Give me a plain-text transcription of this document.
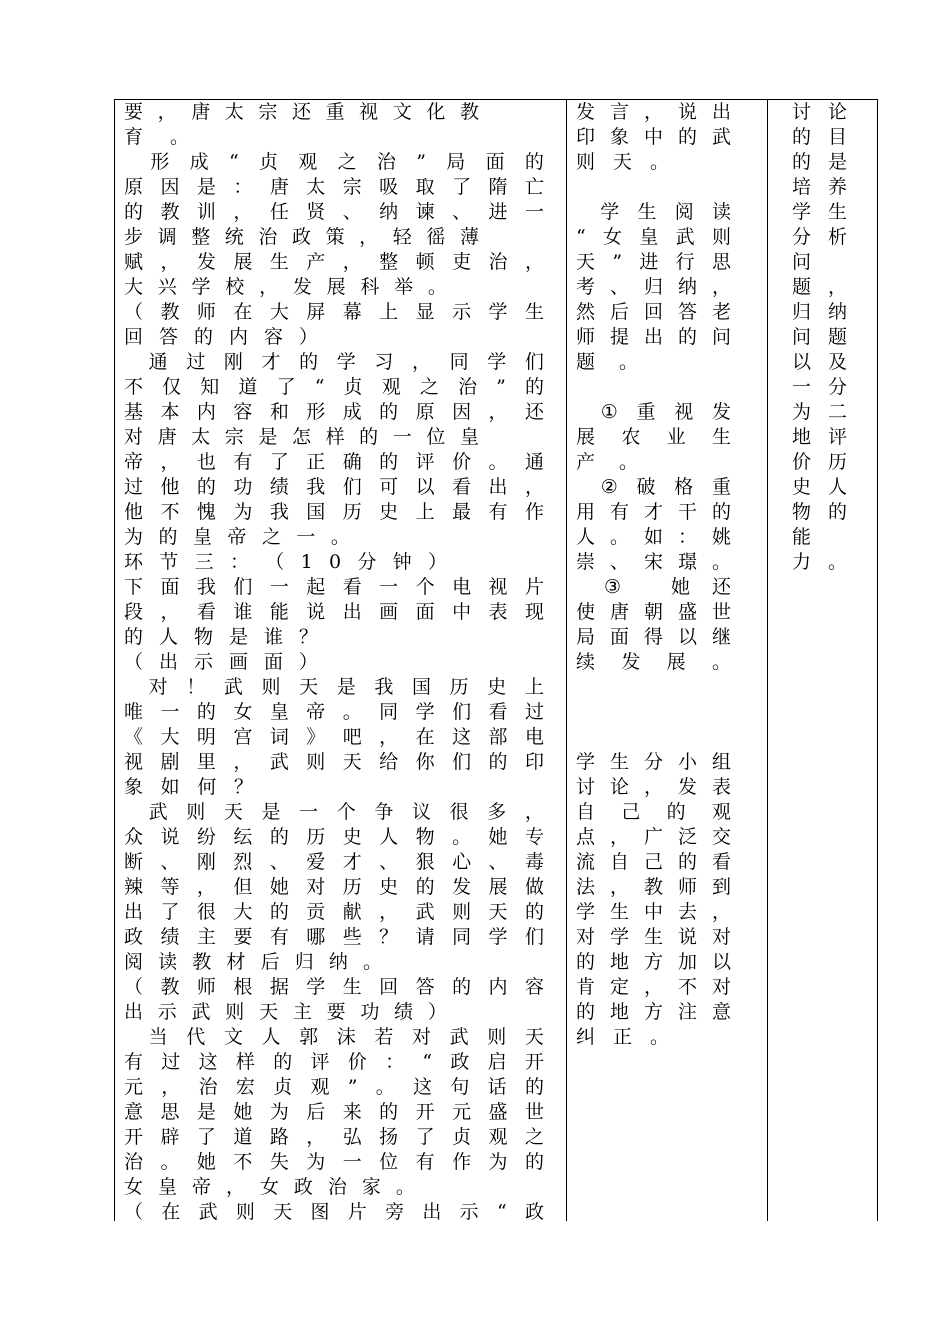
要 ， 唐 太 宗 还 重 视 文 化 教
育 。

形 成 “ 贞 观 之 治 ” 局 面 的
原 因 是 ： 唐 太 宗 吸 取 了 隋 亡
的 教 训 ， 任 贤 、 纳 谏 、 进 一
步 调 整 统 治 政 策 ， 轻 徭 薄
赋 ， 发 展 生 产 ， 整 顿 吏 治 ，
大 兴 学 校 ， 发 展 科 举 。
（ 教 师 在 大 屏 幕 上 显 示 学 生
回 答 的 内 容 ）

通 过 刚 才 的 学 习 ， 同 学 们
不 仅 知 道 了 “ 贞 观 之 治 ” 的
基 本 内 容 和 形 成 的 原 因 ， 还
对 唐 太 宗 是 怎 样 的 一 位 皇
帝 ， 也 有 了 正 确 的 评 价 。 通
过 他 的 功 绩 我 们 可 以 看 出 ，
他 不 愧 为 我 国 历 史 上 最 有 作
为 的 皇 帝 之 一 。
环 节 三 ： （ 1 0 分 钟 ）
下 面 我 们 一 起 看 一 个 电 视 片
段 ， 看 谁 能 说 出 画 面 中 表 现
的 人 物 是 谁 ？
（ 出 示 画 面 ）

对 ！ 武 则 天 是 我 国 历 史 上
唯 一 的 女 皇 帝 。 同 学 们 看 过
《 大 明 宫 词 》 吧 ， 在 这 部 电
视 剧 里 ， 武 则 天 给 你 们 的 印
象 如 何 ？

武 则 天 是 一 个 争 议 很 多 ，
众 说 纷 纭 的 历 史 人 物 。 她 专
断 、 刚 烈 、 爱 才 、 狠 心 、 毒
辣 等 ， 但 她 对 历 史 的 发 展 做
出 了 很 大 的 贡 献 ， 武 则 天 的
政 绩 主 要 有 哪 些 ？ 请 同 学 们
阅 读 教 材 后 归 纳 。
（ 教 师 根 据 学 生 回 答 的 内 容
出 示 武 则 天 主 要 功 绩 ）

当 代 文 人 郭 沫 若 对 武 则 天
有 过 这 样 的 评 价 ： “ 政 启 开
元 ， 治 宏 贞 观 ” 。 这 句 话 的
意 思 是 她 为 后 来 的 开 元 盛 世
开 辟 了 道 路 ， 弘 扬 了 贞 观 之
治 。 她 不 失 为 一 位 有 作 为 的
女 皇 帝 ， 女 政 治 家 。
（ 在 武 则 天 图 片 旁 出 示 “ 政
发 言 ， 说 出
印 象 中 的 武
则 天 。

学 生 阅 读
“ 女 皇 武 则
天 ” 进 行 思
考 、 归 纳 ，
然 后 回 答 老
师 提 出 的 问
题 。

① 重 视 发
展 农 业 生
产 。

② 破 格 重
用 有 才 干 的
人 。 如 ： 姚
崇 、 宋 璟 。

③
	她 还
使 唐 朝 盛 世
局 面 得 以 继
续 发 展 。
学 生 分 小 组
讨 论 ， 发 表
自 己 的 观
点 ， 广 泛 交
流 自 己 的 看
法 ， 教 师 到
学 生 中 去 ，
对 学 生 说 对
的 地 方 加 以
肯 定 ， 不 对
的 地 方 注 意
纠 正 。
讨 论
的 目
的 是
培 养
学 生
分 析
问
题 ，
归 纳
问 题
以 及
一 分
为 二
地 评
价 历
史 人
物 的
能
力 。
